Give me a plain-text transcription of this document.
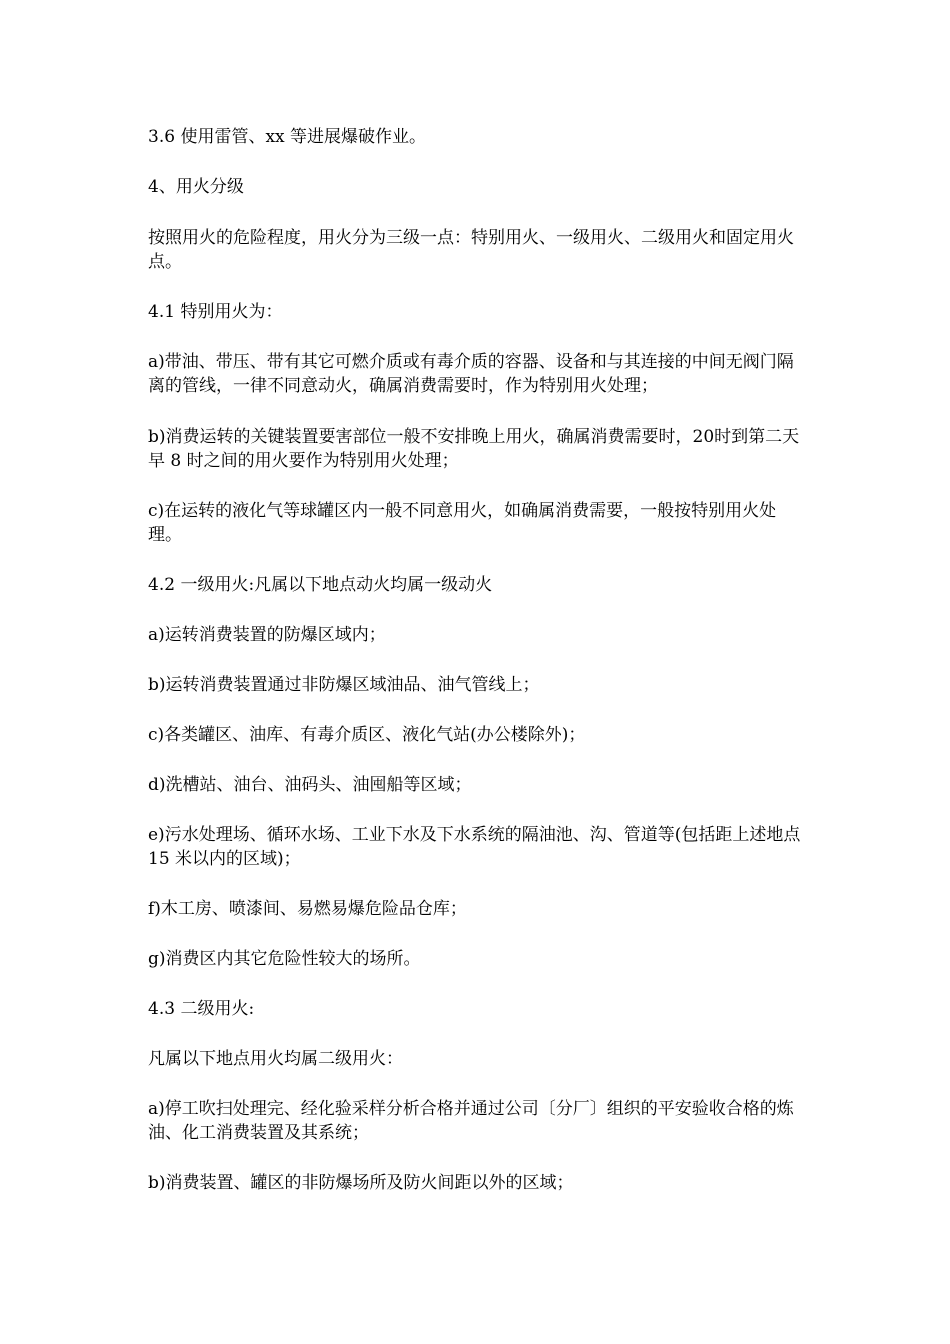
3.6 使用雷管、xx 等进展爆破作业。

4、用火分级

按照用火的危险程度，用火分为三级一点：特别用火、一级用火、二级用火和固定用火点。

4.1 特别用火为：

a)带油、带压、带有其它可燃介质或有毒介质的容器、设备和与其连接的中间无阀门隔离的管线，一律不同意动火，确属消费需要时，作为特别用火处理；

b)消费运转的关键装置要害部位一般不安排晚上用火，确属消费需要时，20时到第二天早 8 时之间的用火要作为特别用火处理；

c)在运转的液化气等球罐区内一般不同意用火，如确属消费需要，一般按特别用火处理。

4.2 一级用火:凡属以下地点动火均属一级动火

a)运转消费装置的防爆区域内；

b)运转消费装置通过非防爆区域油品、油气管线上；

c)各类罐区、油库、有毒介质区、液化气站(办公楼除外)；

d)洗槽站、油台、油码头、油囤船等区域；

e)污水处理场、循环水场、工业下水及下水系统的隔油池、沟、管道等(包括距上述地点 15 米以内的区域)；

f)木工房、喷漆间、易燃易爆危险品仓库；

g)消费区内其它危险性较大的场所。

4.3 二级用火:

凡属以下地点用火均属二级用火：

a)停工吹扫处理完、经化验采样分析合格并通过公司〔分厂〕组织的平安验收合格的炼油、化工消费装置及其系统；

b)消费装置、罐区的非防爆场所及防火间距以外的区域；
